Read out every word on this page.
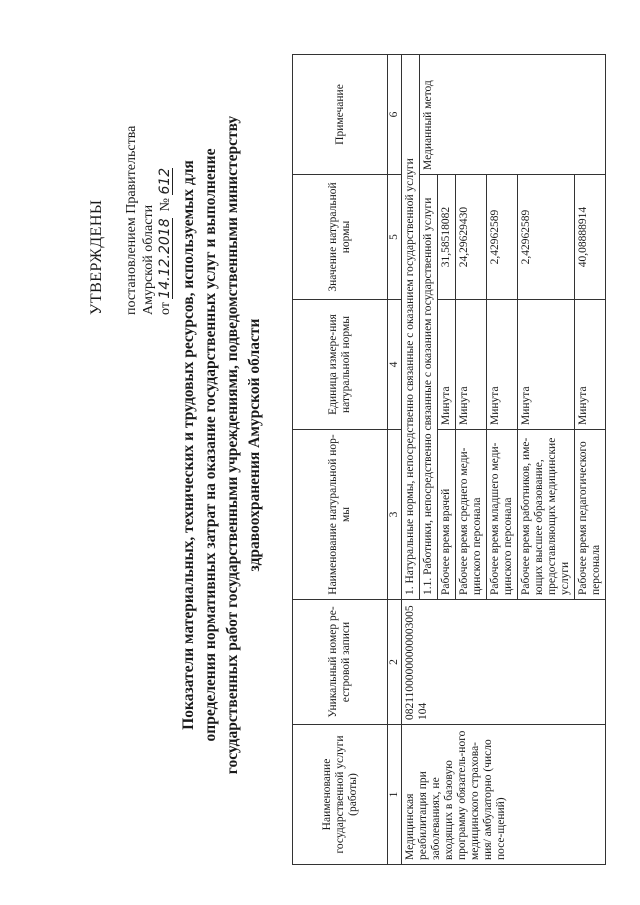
УТВЕРЖДЕНЫ постановлением Правительства Амурской области от 14.12.2018  № 612 Показатели материальных, технических и трудовых ресурсов, используемых для определения нормативных затрат на оказание государственных услуг и выполнение государственных работ государственными учреждениями, подведомственными министерству здравоохранения Амурской области
Наименование государственной услуги (работы)	Уникальный номер ре-естровой записи	Наименование натуральной нор-мы	Единица измере-ния натуральной нормы	Значение натуральной нормы	Примечание
1	2	3	4	5	6
Медицинская реабилитация при заболеваниях, не входящих в базовую программу обязатель-ного медицинского страхова-ния/ амбулаторно (число посе-щений)	08211000000000003005104	1. Натуральные нормы, непосредственно связанные с оказанием государственной услуги			
		1.1. Работники, непосредственно связанные с оказанием государственной услуги			Медианный метод
		Рабочее время врачей	Минута	31,58518082	
		Рабочее время среднего меди-цинского персонала	Минута	24,29629430	
		Рабочее время младшего меди-цинского персонала	Минута	2,42962589	
		Рабочее время работников, име-ющих высшее образование, предоставляющих медицинские услуги	Минута	2,42962589	
		Рабочее время педагогического персонала	Минута	40,08888914	
